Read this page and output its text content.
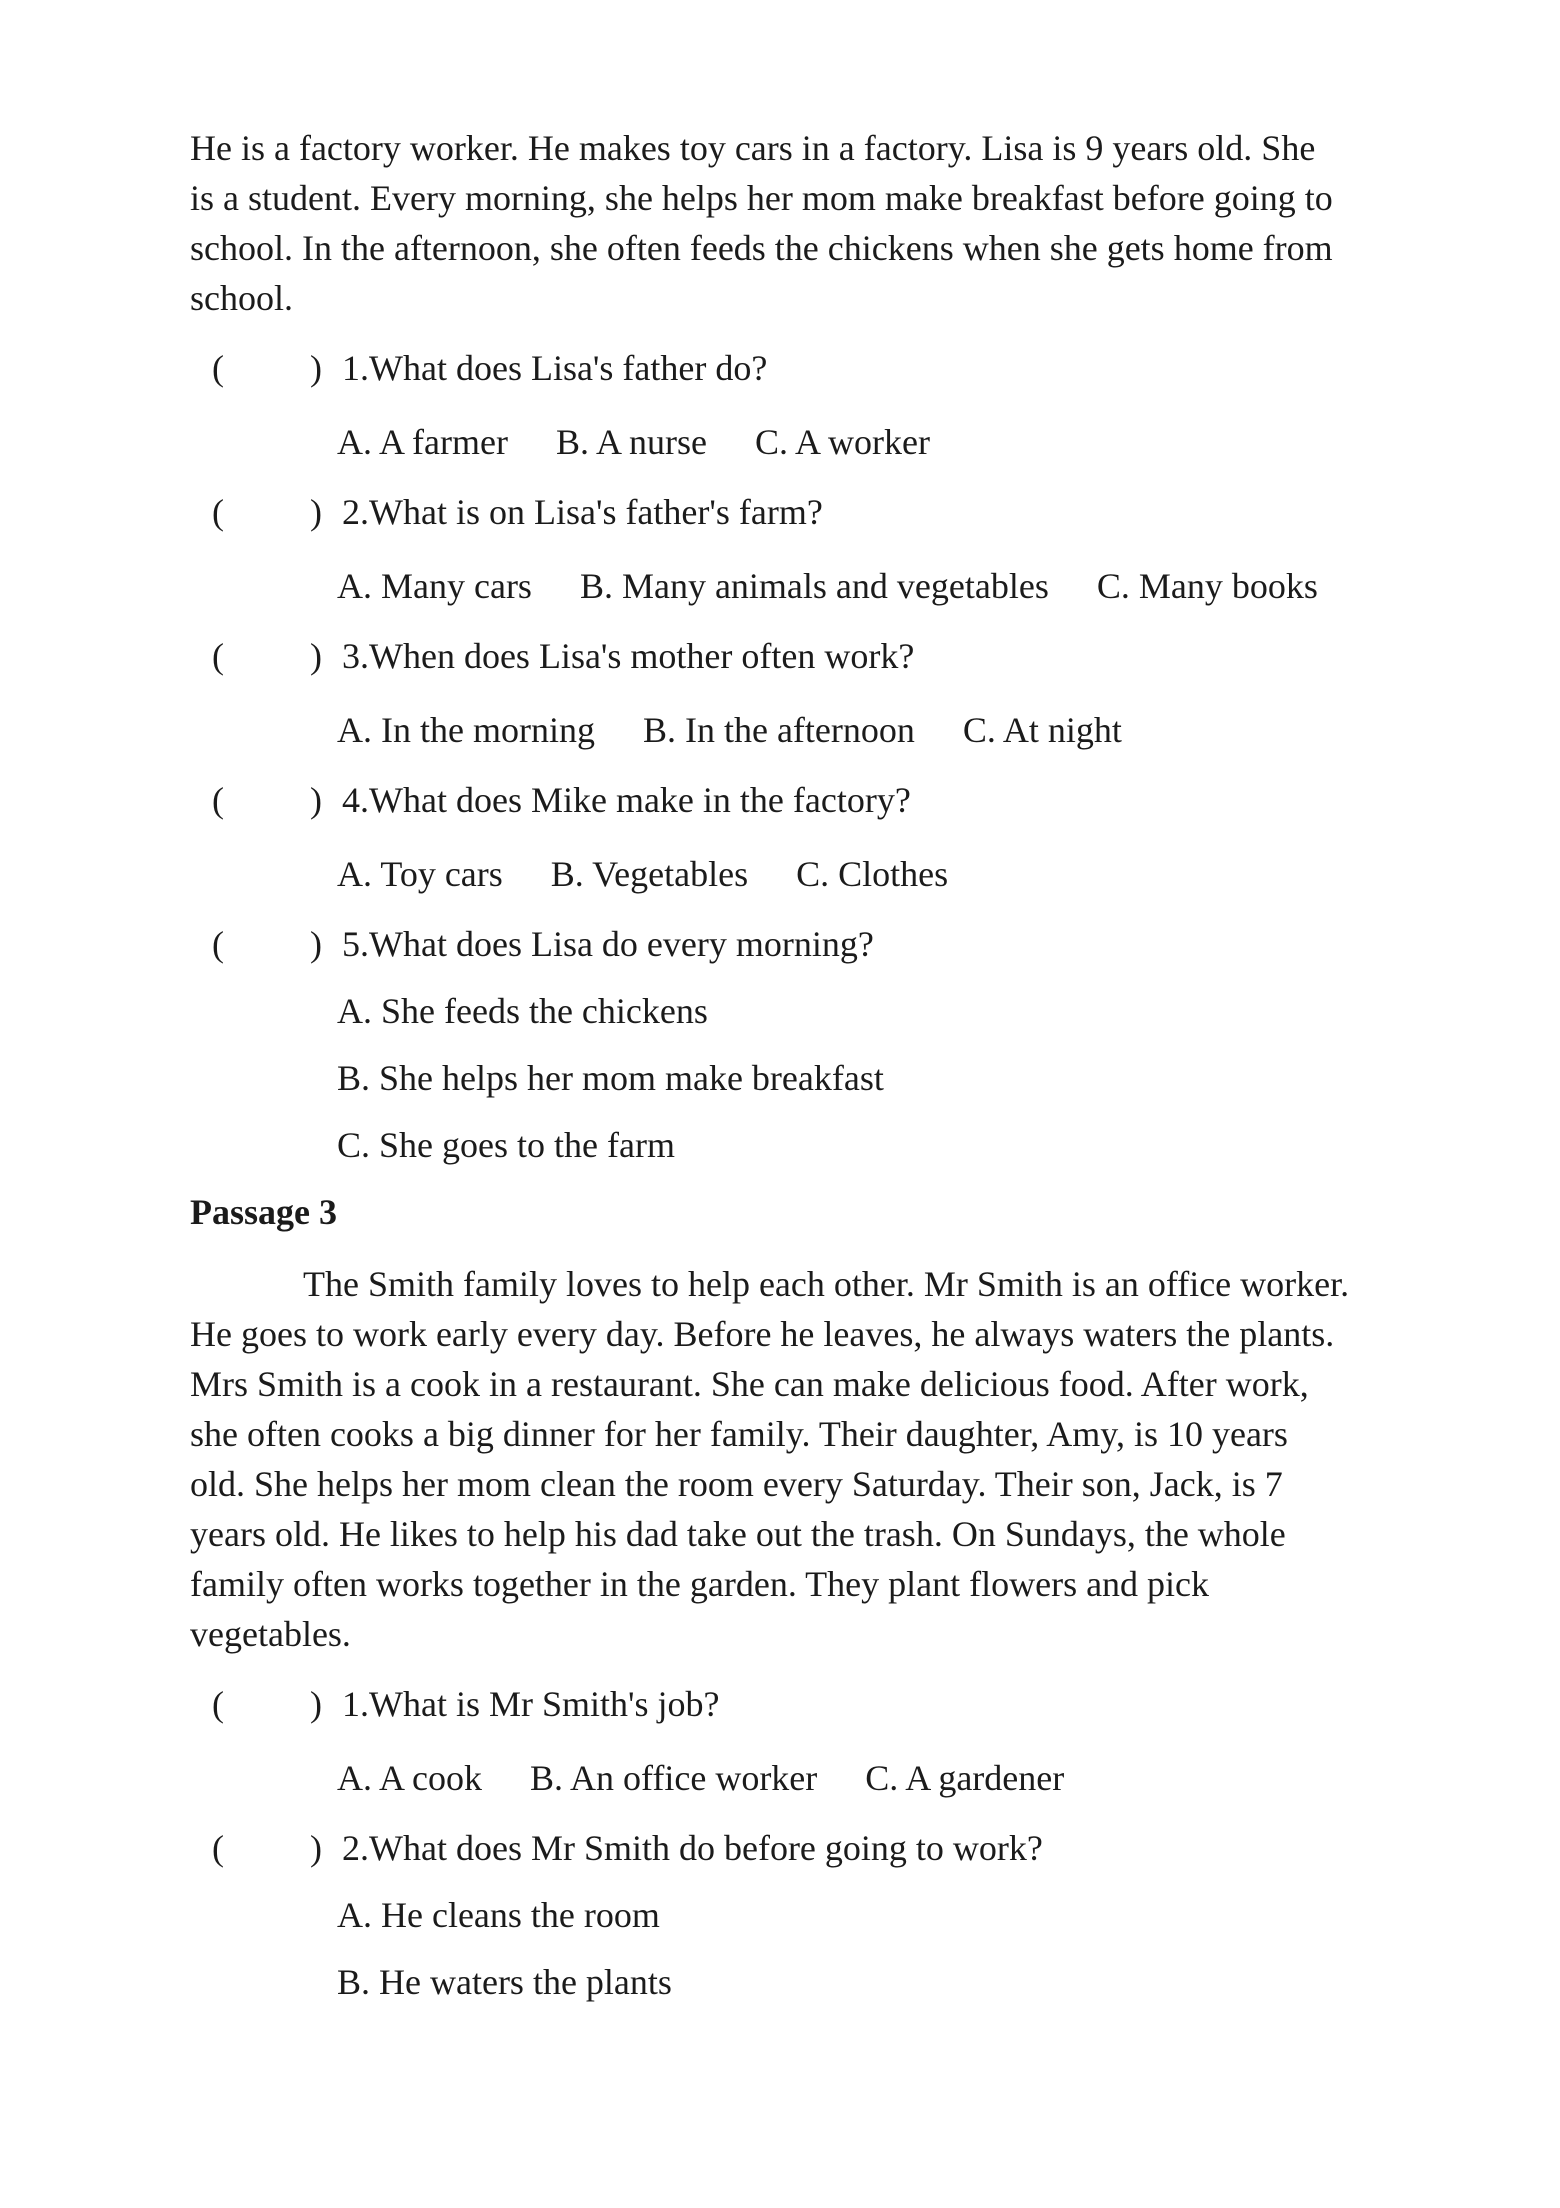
He is a factory worker. He makes toy cars in a factory. Lisa is 9 years old. She
is a student. Every morning, she helps her mom make breakfast before going to
school. In the afternoon, she often feeds the chickens when she gets home from
school.
( ) 1.What does Lisa's father do?
A. A farmer B. A nurse C. A worker
( ) 2.What is on Lisa's father's farm?
A. Many cars B. Many animals and vegetables C. Many books
( ) 3.When does Lisa's mother often work?
A. In the morning B. In the afternoon C. At night
( ) 4.What does Mike make in the factory?
A. Toy cars B. Vegetables C. Clothes
( ) 5.What does Lisa do every morning?
A. She feeds the chickens
B. She helps her mom make breakfast
C. She goes to the farm
Passage 3
The Smith family loves to help each other. Mr Smith is an office worker.
He goes to work early every day. Before he leaves, he always waters the plants.
Mrs Smith is a cook in a restaurant. She can make delicious food. After work,
she often cooks a big dinner for her family. Their daughter, Amy, is 10 years
old. She helps her mom clean the room every Saturday. Their son, Jack, is 7
years old. He likes to help his dad take out the trash. On Sundays, the whole
family often works together in the garden. They plant flowers and pick
vegetables.
( ) 1.What is Mr Smith's job?
A. A cook B. An office worker C. A gardener
( ) 2.What does Mr Smith do before going to work?
A. He cleans the room
B. He waters the plants
